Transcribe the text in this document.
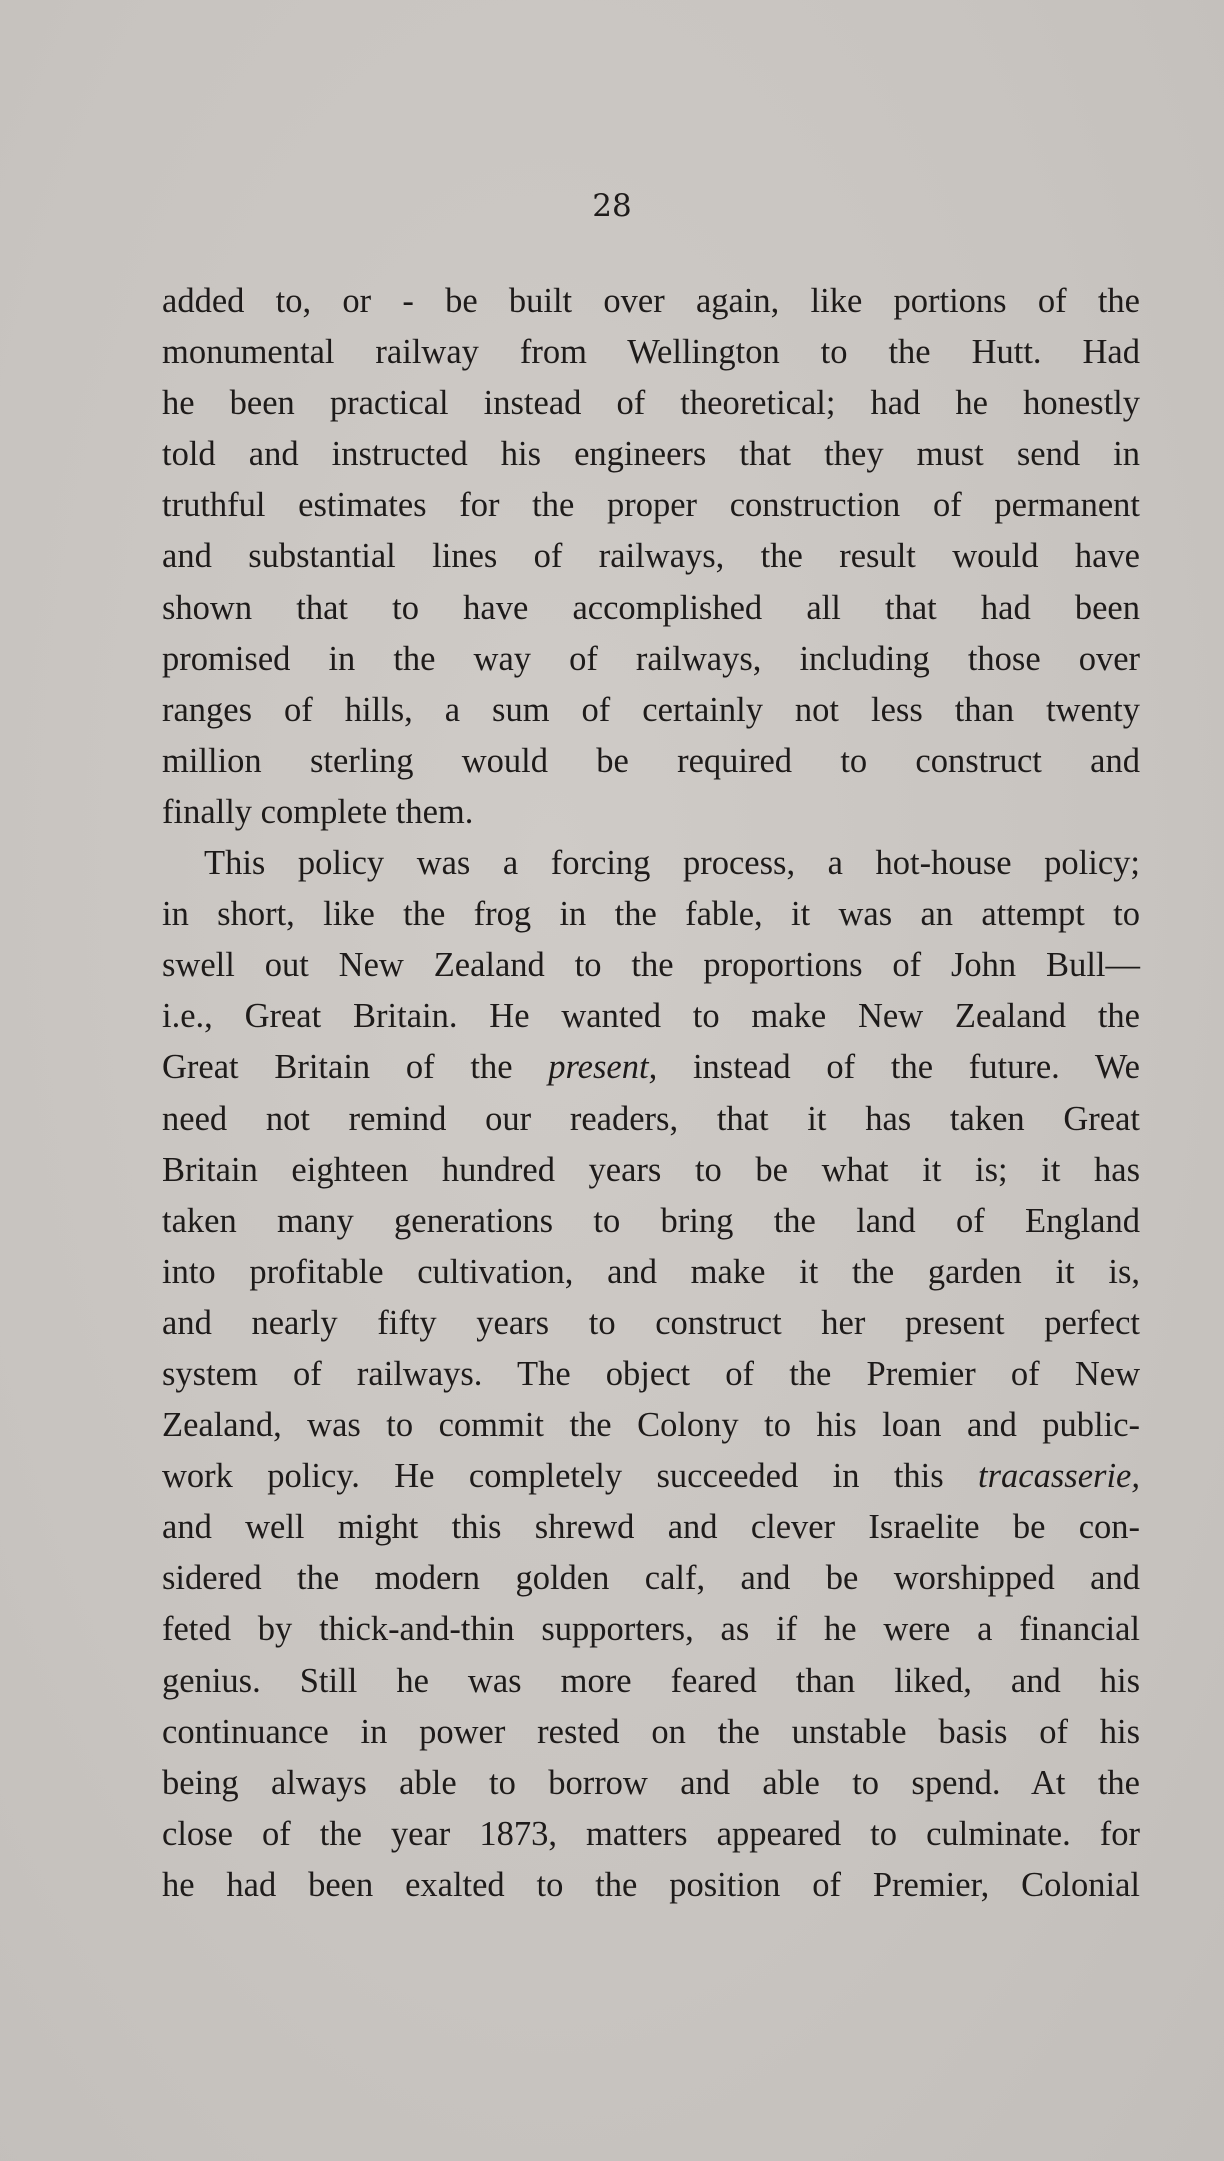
28
added to, or - be built over again, like portions of the
monumental railway from Wellington to the Hutt. Had
he been practical instead of theoretical; had he honestly
told and instructed his engineers that they must send in
truthful estimates for the proper construction of permanent
and substantial lines of railways, the result would have
shown that to have accomplished all that had been
promised in the way of railways, including those over
ranges of hills, a sum of certainly not less than twenty
million sterling would be required to construct and
finally complete them.
This policy was a forcing process, a hot-house policy;
in short, like the frog in the fable, it was an attempt to
swell out New Zealand to the proportions of John Bull—
i.e., Great Britain. He wanted to make New Zealand the
Great Britain of the present, instead of the future. We
need not remind our readers, that it has taken Great
Britain eighteen hundred years to be what it is; it has
taken many generations to bring the land of England
into profitable cultivation, and make it the garden it is,
and nearly fifty years to construct her present perfect
system of railways. The object of the Premier of New
Zealand, was to commit the Colony to his loan and public-
work policy. He completely succeeded in this tracasserie,
and well might this shrewd and clever Israelite be con-
sidered the modern golden calf, and be worshipped and
feted by thick-and-thin supporters, as if he were a financial
genius. Still he was more feared than liked, and his
continuance in power rested on the unstable basis of his
being always able to borrow and able to spend. At the
close of the year 1873, matters appeared to culminate. for
he had been exalted to the position of Premier, Colonial
